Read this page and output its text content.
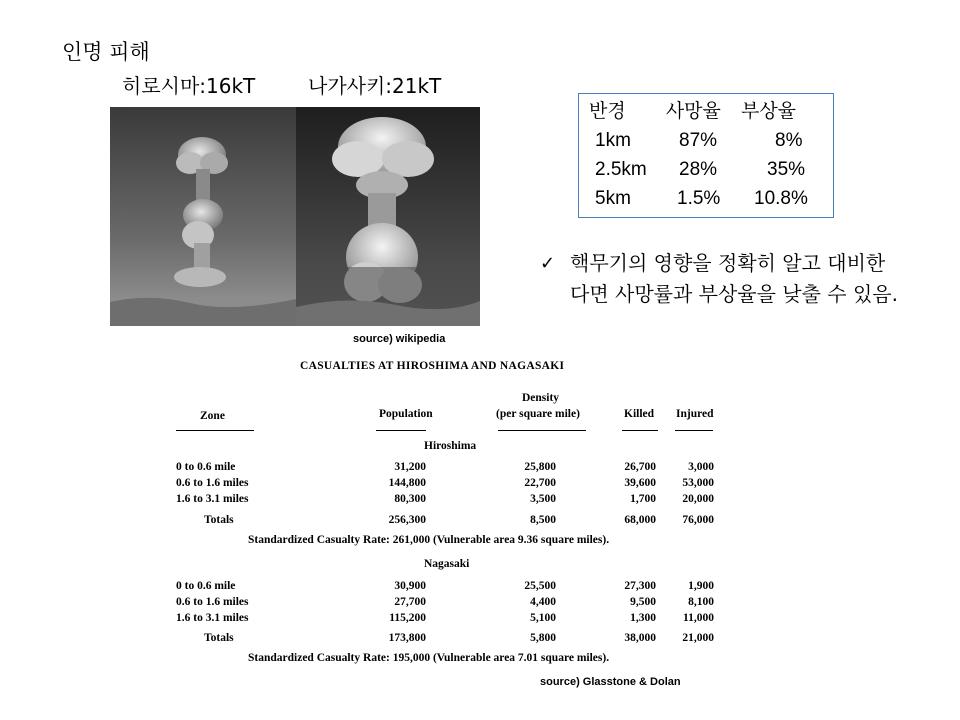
인명 피해
히로시마:16kT	나가사키:21kT
source) wikipedia
반경 사망율 부상율
1km	87%	8%
2.5km 28%	35%
5km 1.5% 10.8%
✓ 핵무기의 영향을 정확히 알고 대비한다면 사망률과 부상율을 낮출 수 있음.
CASUALTIES AT HIROSHIMA AND NAGASAKI
Density
Zone	Population	(per square mile)	Killed Injured
Hiroshima
0 to 0.6 mile	31,200	25,800	26,700	3,000
0.6 to 1.6 miles	144,800	22,700	39,600	53,000
1.6 to 3.1 miles	80,300	3,500	1,700	20,000
Totals	256,300	8,500	68,000	76,000
Standardized Casualty Rate: 261,000 (Vulnerable area 9.36 square miles).
Nagasaki
0 to 0.6 mile	30,900	25,500	27,300	1,900
0.6 to 1.6 miles	27,700	4,400	9,500	8,100
1.6 to 3.1 miles	115,200	5,100	1,300	11,000
Totals	173,800	5,800	38,000	21,000
Standardized Casualty Rate: 195,000 (Vulnerable area 7.01 square miles).
source) Glasstone & Dolan
